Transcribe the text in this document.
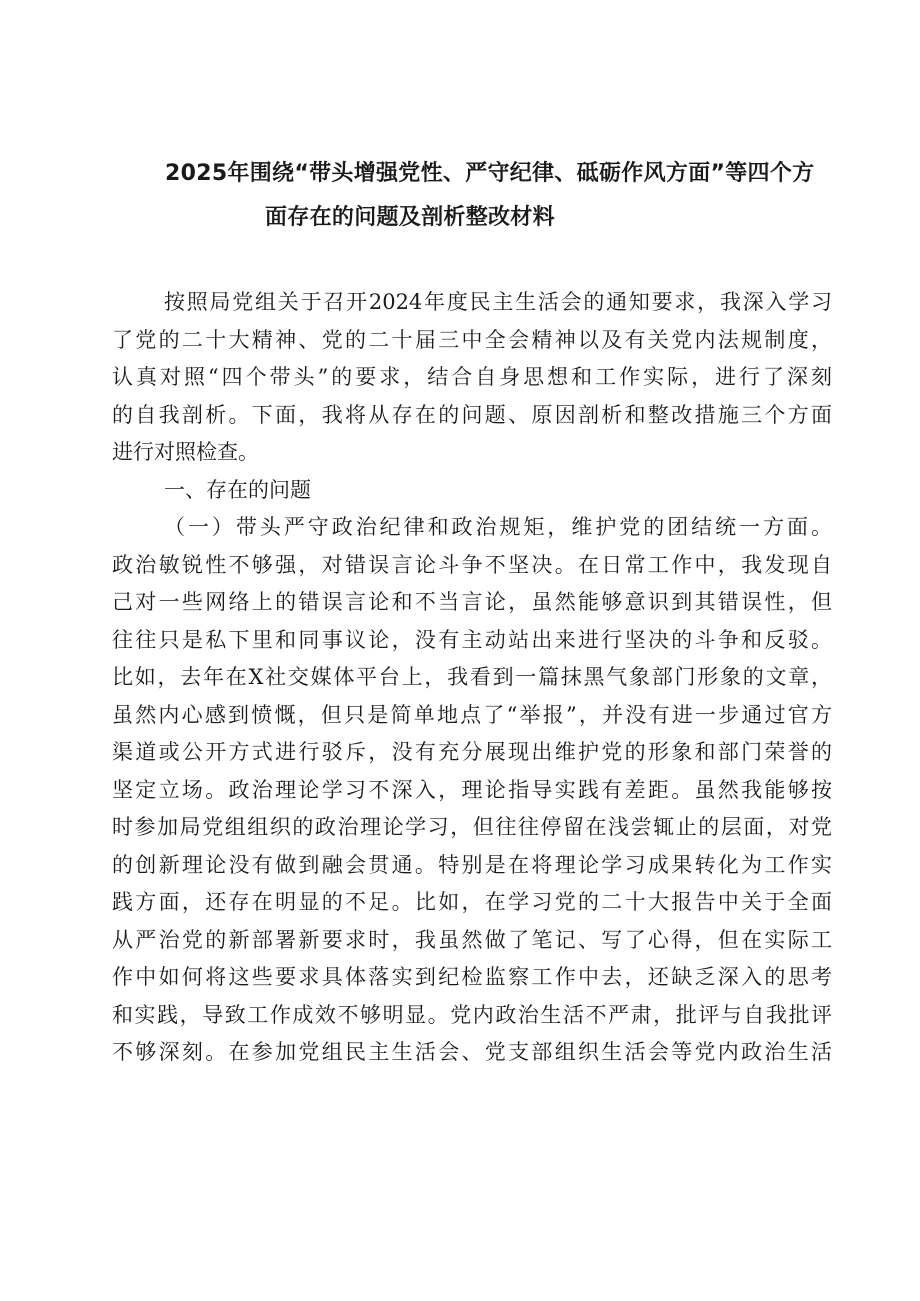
2025年围绕“带头增强党性、严守纪律、砥砺作风方面”等四个方
面存在的问题及剖析整改材料
按照局党组关于召开2024年度民主生活会的通知要求，我深入学习
了党的二十大精神、党的二十届三中全会精神以及有关党内法规制度，
认真对照“四个带头”的要求，结合自身思想和工作实际，进行了深刻
的自我剖析。下面，我将从存在的问题、原因剖析和整改措施三个方面
进行对照检查。
一、存在的问题
（一）带头严守政治纪律和政治规矩，维护党的团结统一方面。
政治敏锐性不够强，对错误言论斗争不坚决。在日常工作中，我发现自
己对一些网络上的错误言论和不当言论，虽然能够意识到其错误性，但
往往只是私下里和同事议论，没有主动站出来进行坚决的斗争和反驳。
比如，去年在X社交媒体平台上，我看到一篇抹黑气象部门形象的文章，
虽然内心感到愤慨，但只是简单地点了“举报”，并没有进一步通过官方
渠道或公开方式进行驳斥，没有充分展现出维护党的形象和部门荣誉的
坚定立场。政治理论学习不深入，理论指导实践有差距。虽然我能够按
时参加局党组组织的政治理论学习，但往往停留在浅尝辄止的层面，对党
的创新理论没有做到融会贯通。特别是在将理论学习成果转化为工作实
践方面，还存在明显的不足。比如，在学习党的二十大报告中关于全面
从严治党的新部署新要求时，我虽然做了笔记、写了心得，但在实际工
作中如何将这些要求具体落实到纪检监察工作中去，还缺乏深入的思考
和实践，导致工作成效不够明显。党内政治生活不严肃，批评与自我批评
不够深刻。在参加党组民主生活会、党支部组织生活会等党内政治生活
